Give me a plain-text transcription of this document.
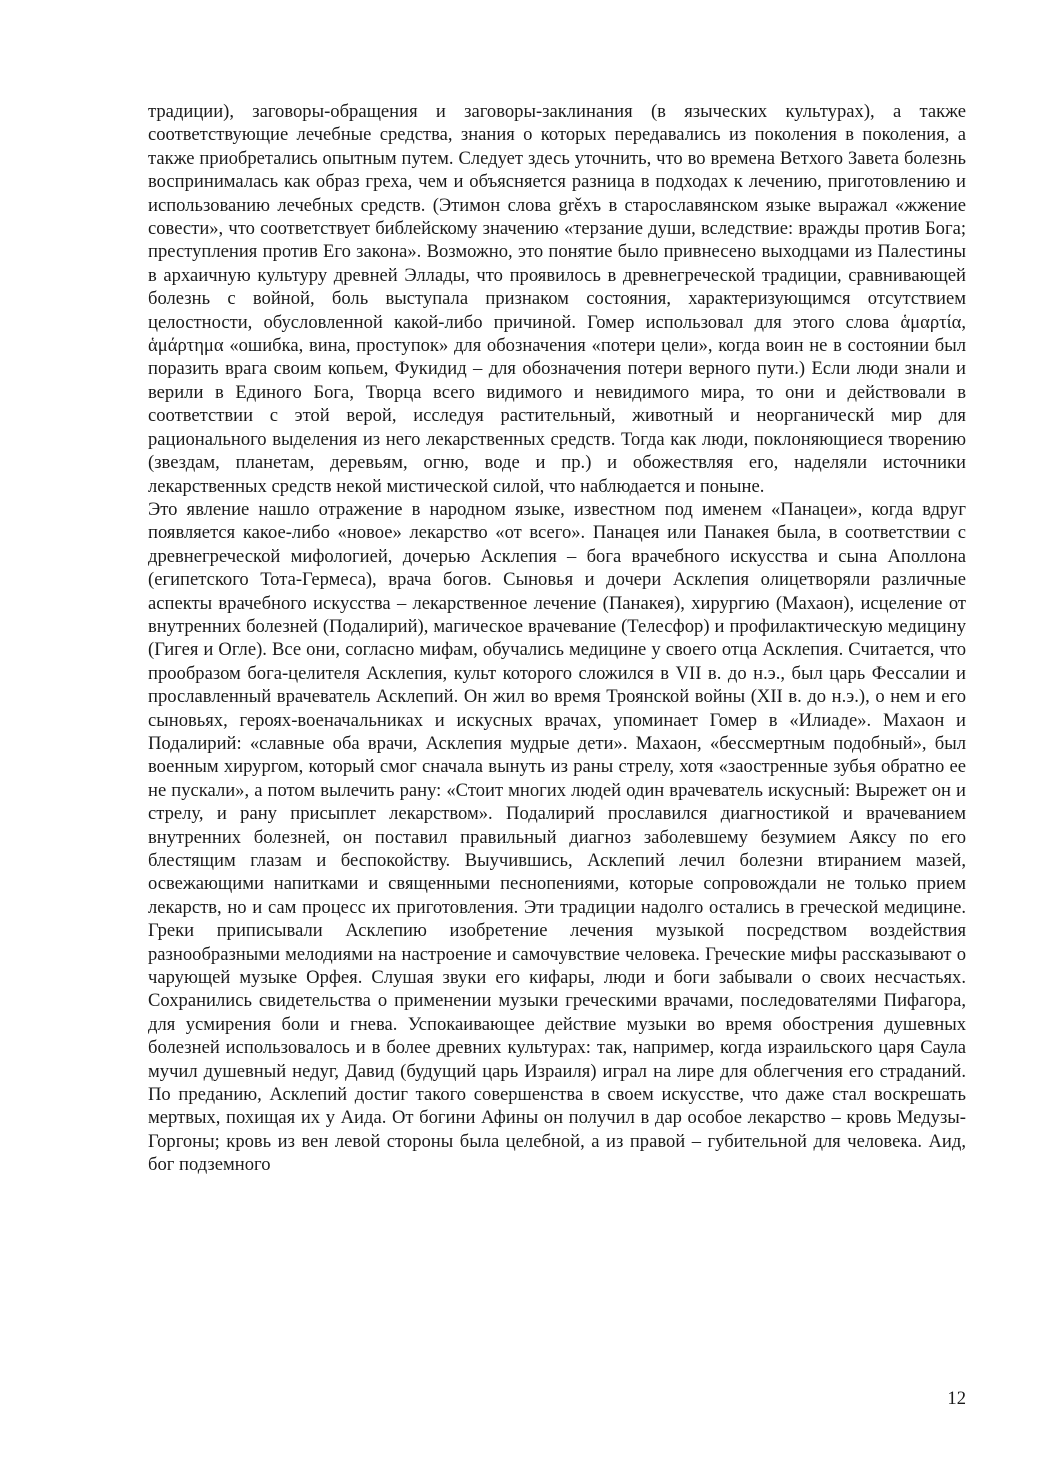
традиции), заговоры-обращения и заговоры-заклинания (в языческих культурах), а также соответствующие лечебные средства, знания о которых передавались из поколения в поколения, а также приобретались опытным путем. Следует здесь уточнить, что во времена Ветхого Завета болезнь воспринималась как образ греха, чем и объясняется разница в подходах к лечению, приготовлению и использованию лечебных средств. (Этимон слова grěxъ в старославянском языке выражал «жжение совести», что соответствует библейскому значению «терзание души, вследствие: вражды против Бога; преступления против Его закона». Возможно, это понятие было привнесено выходцами из Палестины в архаичную культуру древней Эллады, что проявилось в древнегреческой традиции, сравнивающей болезнь с войной, боль выступала признаком состояния, характеризующимся отсутствием целостности, обусловленной какой-либо причиной. Гомер использовал для этого слова ἁμαρτία, ἁμάρτημα «ошибка, вина, проступок» для обозначения «потери цели», когда воин не в состоянии был поразить врага своим копьем, Фукидид – для обозначения потери верного пути.) Если люди знали и верили в Единого Бога, Творца всего видимого и невидимого мира, то они и действовали в соответствии с этой верой, исследуя растительный, животный и неорганическй мир для рационального выделения из него лекарственных средств. Тогда как люди, поклоняющиеся творению (звездам, планетам, деревьям, огню, воде и пр.) и обожествляя его, наделяли источники лекарственных средств некой мистической силой, что наблюдается и поныне.

Это явление нашло отражение в народном языке, известном под именем «Панацеи», когда вдруг появляется какое-либо «новое» лекарство «от всего». Панацея или Панакея была, в соответствии с древнегреческой мифологией, дочерью Асклепия – бога врачебного искусства и сына Аполлона (египетского Тота-Гермеса), врача богов. Сыновья и дочери Асклепия олицетворяли различные аспекты врачебного искусства – лекарственное лечение (Панакея), хирургию (Махаон), исцеление от внутренних болезней (Подалирий), магическое врачевание (Телесфор) и профилактическую медицину (Гигея и Огле). Все они, согласно мифам, обучались медицине у своего отца Асклепия. Считается, что прообразом бога-целителя Асклепия, культ которого сложился в VII в. до н.э., был царь Фессалии и прославленный врачеватель Асклепий. Он жил во время Троянской войны (XII в. до н.э.), о нем и его сыновьях, героях-военачальниках и искусных врачах, упоминает Гомер в «Илиаде». Махаон и Подалирий: «славные оба врачи, Асклепия мудрые дети». Махаон, «бессмертным подобный», был военным хирургом, который смог сначала вынуть из раны стрелу, хотя «заостренные зубья обратно ее не пускали», а потом вылечить рану: «Стоит многих людей один врачеватель искусный: Вырежет он и стрелу, и рану присыплет лекарством». Подалирий прославился диагностикой и врачеванием внутренних болезней, он поставил правильный диагноз заболевшему безумием Аяксу по его блестящим глазам и беспокойству. Выучившись, Асклепий лечил болезни втиранием мазей, освежающими напитками и священными песнопениями, которые сопровождали не только прием лекарств, но и сам процесс их приготовления. Эти традиции надолго остались в греческой медицине. Греки приписывали Асклепию изобретение лечения музыкой посредством воздействия разнообразными мелодиями на настроение и самочувствие человека. Греческие мифы рассказывают о чарующей музыке Орфея. Слушая звуки его кифары, люди и боги забывали о своих несчастьях. Сохранились свидетельства о применении музыки греческими врачами, последователями Пифагора, для усмирения боли и гнева. Успокаивающее действие музыки во время обострения душевных болезней использовалось и в более древних культурах: так, например, когда израильского царя Саула мучил душевный недуг, Давид (будущий царь Израиля) играл на лире для облегчения его страданий. По преданию, Асклепий достиг такого совершенства в своем искусстве, что даже стал воскрешать мертвых, похищая их у Аида. От богини Афины он получил в дар особое лекарство – кровь Медузы-Горгоны; кровь из вен левой стороны была целебной, а из правой – губительной для человека. Аид, бог подземного

12
